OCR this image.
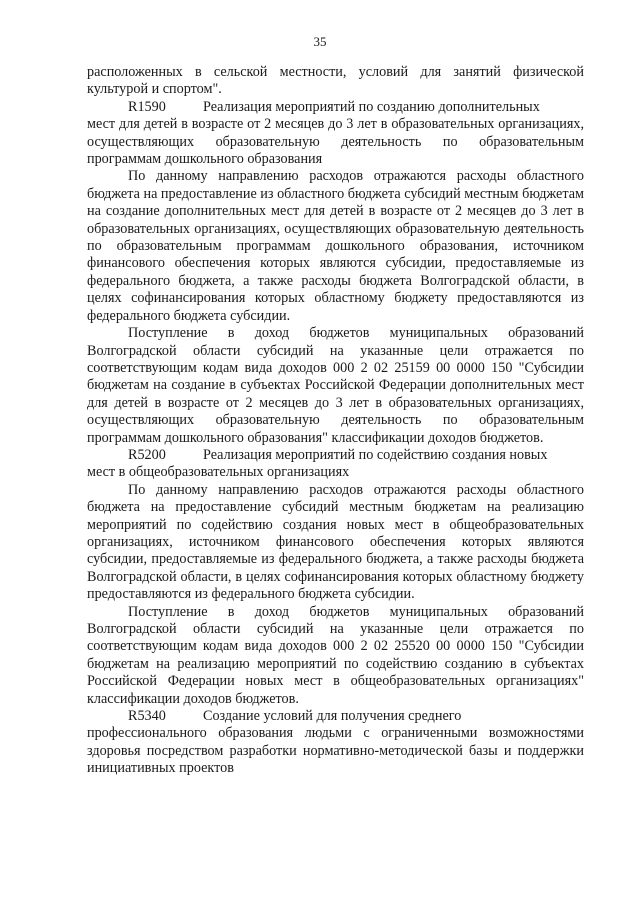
35

расположенных в сельской местности, условий для занятий физической культурой и спортом".

R1590	Реализация мероприятий по созданию дополнительных

мест для детей в возрасте от 2 месяцев до 3 лет в образовательных организациях, осуществляющих образовательную деятельность по образовательным программам дошкольного образования

По данному направлению расходов отражаются расходы областного бюджета на предоставление из областного бюджета субсидий местным бюджетам на создание дополнительных мест для детей в возрасте от 2 месяцев до 3 лет в образовательных организациях, осуществляющих образовательную деятельность по образовательным программам дошкольного образования, источником финансового обеспечения которых являются субсидии, предоставляемые из федерального бюджета, а также расходы бюджета Волгоградской области, в целях софинансирования которых областному бюджету предоставляются из федерального бюджета субсидии.

Поступление в доход бюджетов муниципальных образований Волгоградской области субсидий на указанные цели отражается по соответствующим кодам вида доходов 000 2 02 25159 00 0000 150 "Субсидии бюджетам на создание в субъектах Российской Федерации дополнительных мест для детей в возрасте от 2 месяцев до 3 лет в образовательных организациях, осуществляющих образовательную деятельность по образовательным программам дошкольного образования" классификации доходов бюджетов.

R5200	Реализация мероприятий по содействию создания новых

мест в общеобразовательных организациях

По данному направлению расходов отражаются расходы областного бюджета на предоставление субсидий местным бюджетам на реализацию мероприятий по содействию создания новых мест в общеобразовательных организациях, источником финансового обеспечения которых являются субсидии, предоставляемые из федерального бюджета, а также расходы бюджета Волгоградской области, в целях софинансирования которых областному бюджету предоставляются из федерального бюджета субсидии.

Поступление в доход бюджетов муниципальных образований Волгоградской области субсидий на указанные цели отражается по соответствующим кодам вида доходов 000 2 02 25520 00 0000 150 "Субсидии бюджетам на реализацию мероприятий по содействию созданию в субъектах Российской Федерации новых мест в общеобразовательных организациях" классификации доходов бюджетов.

R5340	Создание условий для получения среднего

профессионального образования людьми с ограниченными возможностями здоровья посредством разработки нормативно-методической базы и поддержки инициативных проектов
